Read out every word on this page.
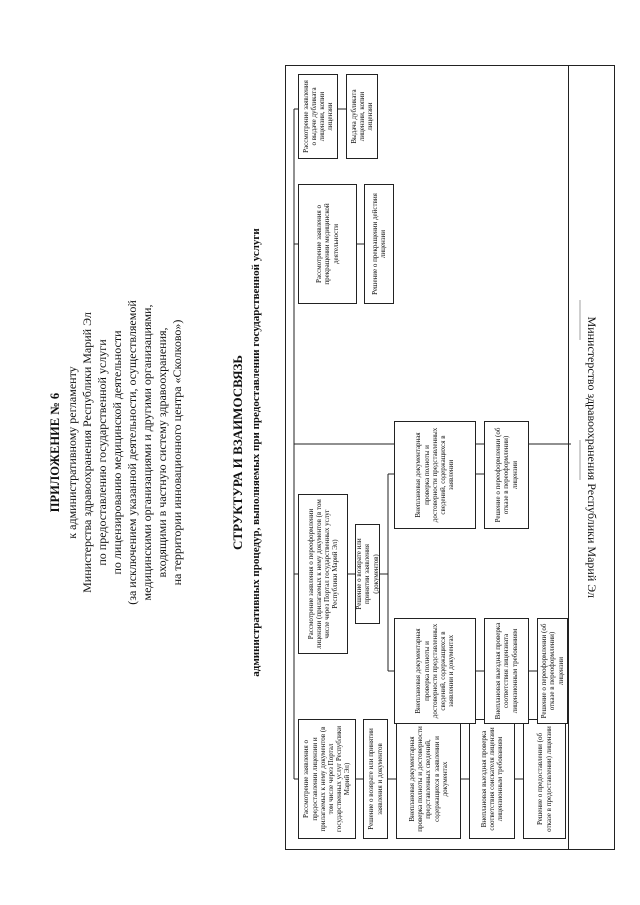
ПРИЛОЖЕНИЕ № 6 к административному регламенту Министерства здравоохранения Республики Марий Эл по предоставлению государственной услуги по лицензированию медицинской деятельности (за исключением указанной деятельности, осуществляемой медицинскими организациями и другими организациями, входящими в частную систему здравоохранения, на территории инновационного центра «Сколково»)	СТРУКТУРА И ВЗАИМОСВЯЗЬ административных процедур, выполняемых при предоставлении государственной услуги
Рассмотрение заявления о предоставлении лицензии и прилагаемых к нему документов (в том числе через Портал государственных услуг Республики Марий Эл)	Решение о возврате или принятии заявления и документов	Внеплановая документарная проверка полноты и достоверности представленных сведений, содержащихся в заявлении и документах	Внеплановая выездная проверка соответствия соискателя лицензии лицензионным требованиям	Решение о предоставлении (об отказе в предоставлении) лицензии
Рассмотрение заявления о переоформлении лицензии (прилагаемых к нему документов (в том числе через Портал государственных услуг Республики Марий Эл)	Решение о возврате или принятии заявления (документов)
Внеплановая документарная проверка полноты и достоверности представленных сведений, содержащихся в заявлении и документах	Внеплановая выездная проверка соответствия лицензиата лицензионным требованиям	Решение о переоформлении (об отказе в переоформлении) лицензии
Внеплановая документарная проверка полноты и достоверности представленных сведений, содержащихся в заявлении	Решение о переоформлении (об отказе в переоформлении) лицензии
Рассмотрение заявления о прекращении медицинской деятельности	Решение о прекращении действия лицензии
Рассмотрение заявления о выдаче дубликата лицензии, копии лицензии	Выдача дубликата лицензии, копии лицензии
Министерство здравоохранения Республики Марий Эл
